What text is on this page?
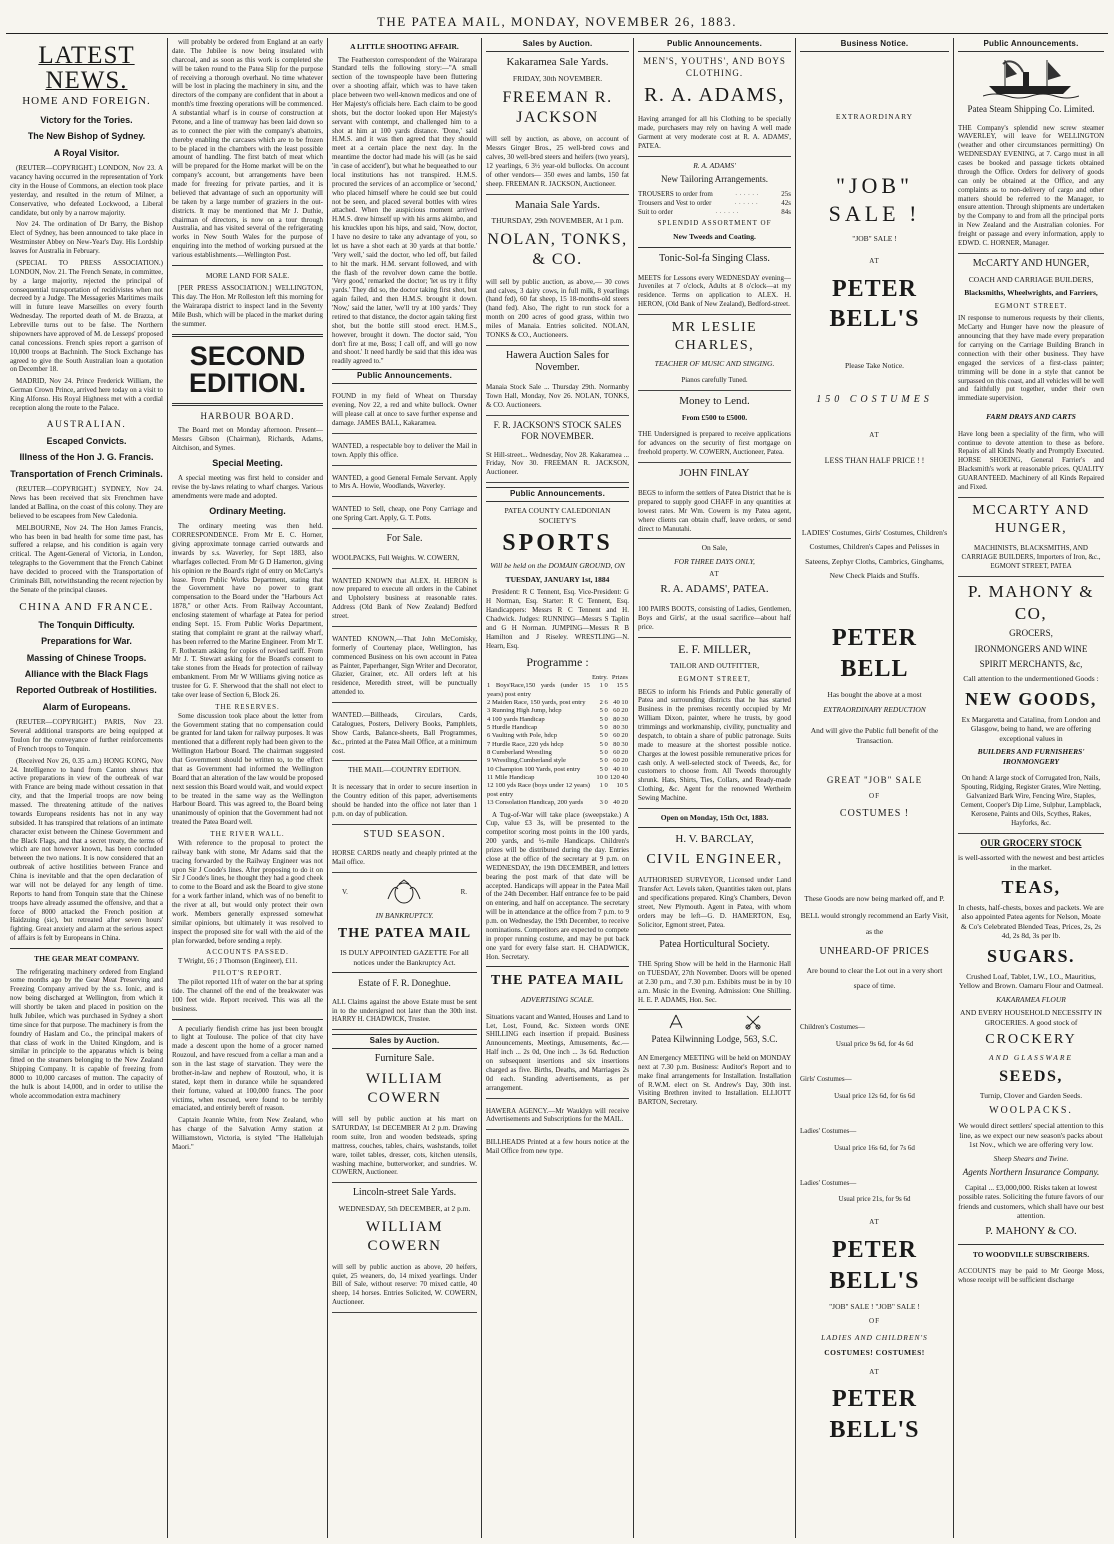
THE PATEA MAIL, MONDAY, NOVEMBER 26, 1883.
LATEST NEWS.
HOME AND FOREIGN.
Victory for the Tories.
The New Bishop of Sydney.
A Royal Visitor.

(REUTER—COPYRIGHT.) LONDON, Nov 23. A vacancy having occurred in the representation of York city in the House of Commons, an election took place yesterday, and resulted in the return of Milner, a Conservative, who defeated Lockwood, a Liberal candidate, but only by a narrow majority.

Nov 24. The ordination of Dr Barry, the Bishop Elect of Sydney, has been announced to take place in Westminster Abbey on New-Year's Day. His Lordship leaves for Australia in February.

(SPECIAL TO PRESS ASSOCIATION.) LONDON, Nov. 21. The French Senate, in committee, by a large majority, rejected the principal of consequential transportation of recidivistes when not decreed by a Judge. The Messageries Maritimes mails will in future leave Marseilles on every fourth Wednesday. The reported death of M. de Brazza, at Lebreville turns out to be false. The Northern shipowners have approved of M. de Lesseps' proposed canal concessions. French spies report a garrison of 10,000 troops at Bachninh. The Stock Exchange has agreed to give the South Australian loan a quotation on December 18.

MADRID, Nov 24. Prince Frederick William, the German Crown Prince, arrived here today on a visit to King Alfonso. His Royal Highness met with a cordial reception along the route to the Palace.

AUSTRALIAN.
Escaped Convicts.
Illness of the Hon J. G. Francis.
Transportation of French Criminals.

(REUTER—COPYRIGHT.) SYDNEY, Nov 24. News has been received that six Frenchmen have landed at Ballina, on the coast of this colony. They are believed to be escapees from New Caledonia.

MELBOURNE, Nov 24. The Hon James Francis, who has been in bad health for some time past, has suffered a relapse, and his condition is again very critical. The Agent-General of Victoria, in London, telegraphs to the Government that the French Cabinet have decided to proceed with the Transportation of Criminals Bill, notwithstanding the recent rejection by the Senate of the principal clauses.

CHINA AND FRANCE.
The Tonquin Difficulty.
Preparations for War.
Massing of Chinese Troops.
Alliance with the Black Flags
Reported Outbreak of Hostilities.
Alarm of Europeans.

(REUTER—COPYRIGHT.) PARIS, Nov 23. Several additional transports are being equipped at Toulon for the conveyance of further reinforcements of French troops to Tonquin.

(Received Nov 26, 0.35 a.m.) HONG KONG, Nov 24. Intelligence to hand from Canton shows that active preparations in view of the outbreak of war with France are being made without cessation in that city, and that the Imperial troops are now being massed. The threatening attitude of the natives towards Europeans residents has not in any way subsided. It has transpired that relations of an intimate character exist between the Chinese Government and the Black Flags, and that a secret treaty, the terms of which are not however known, has been concluded between the two nations. It is now considered that an outbreak of active hostilities between France and China is inevitable and that the open declaration of war will not be delayed for any length of time. Reports to hand from Tonquin state that the Chinese troops have already assumed the offensive, and that a force of 8000 attacked the French position at Haidzuing (sic), but retreated after seven hours' fighting. Great anxiety and alarm at the serious aspect of affairs is felt by Europeans in China.

THE GEAR MEAT COMPANY.

The refrigerating machinery ordered from England some months ago by the Gear Meat Preserving and Freezing Company arrived by the s.s. Ionic, and is now being discharged at Wellington, from which it will shortly be taken and placed in position on the hulk Jubilee, which was purchased in Sydney a short time since for that purpose. The machinery is from the foundry of Haslam and Co., the principal makers of that class of work in the United Kingdom, and is similar in principle to the apparatus which is being fitted on the steamers belonging to the New Zealand Shipping Company. It is capable of freezing from 8000 to 10,000 carcases of mutton. The capacity of the hulk is about 14,000, and in order to utilise the whole accommodation extra machinery

will probably be ordered from England at an early date. The Jubilee is now being insulated with charcoal, and as soon as this work is completed she will be taken round to the Patea Slip for the purpose of receiving a thorough overhaul. No time whatever will be lost in placing the machinery in situ, and the directors of the company are confident that in about a month's time freezing operations will be commenced. A substantial wharf is in course of construction at Petone, and a line of tramway has been laid down so as to connect the pier with the company's abattoirs, thereby enabling the carcases which are to be frozen to be placed in the chambers with the least possible amount of handling. The first batch of meat which will be prepared for the Home market will be on the company's account, but arrangements have been made for freezing for private parties, and it is believed that advantage of such an opportunity will be taken by a large number of graziers in the out-districts. It may be mentioned that Mr J. Duthie, chairman of directors, is now on a tour through Australia, and has visited several of the refrigerating works in New South Wales for the purpose of enquiring into the method of working pursued at the various establishments.—Wellington Post.

MORE LAND FOR SALE.

[PER PRESS ASSOCIATION.] WELLINGTON, This day. The Hon. Mr Rolleston left this morning for the Wairarapa district to inspect land in the Seventy Mile Bush, which will be placed in the market during the summer.

SECOND EDITION.
HARBOUR BOARD.

The Board met on Monday afternoon. Present—Messrs Gibson (Chairman), Richards, Adams, Aitchison, and Symes.

Special Meeting.

A special meeting was first held to consider and revise the by-laws relating to wharf charges. Various amendments were made and adopted.

Ordinary Meeting.

The ordinary meeting was then held. CORRESPONDENCE. From Mr E. C. Horner, giving approximate tonnage carried outwards and inwards by s.s. Waverley, for Sept 1883, also wharfages collected. From Mr G D Hamerton, giving his opinion re the Board's right of entry on McCarty's lease. From Public Works Department, stating that the Government have no power to grant compensation to the Board under the "Harbours Act 1878," or other Acts. From Railway Accountant, enclosing statement of wharfage at Patea for period ending Sept. 15. From Public Works Department, stating that complaint re grant at the railway wharf, has been referred to the Marine Engineer. From Mr T. F. Rotheram asking for copies of revised tariff. From Mr J. T. Stewart asking for the Board's consent to take stones from the Heads for protection of railway embankment. From Mr W Williams giving notice as trustee for G. F. Sherwood that the shall not elect to take over lease of Section 6, Block 26.

THE RESERVES.

Some discussion took place about the letter from the Government stating that no compensation could be granted for land taken for railway purposes. It was mentioned that a different reply had been given to the Wellington Harbour Board. The chairman suggested that Government should be written to, to the effect that as Government had informed the Wellington Board that an alteration of the law would be proposed next session this Board would wait, and would expect to be treated in the same way as the Wellington Harbour Board. This was agreed to, the Board being unanimously of opinion that the Government had not treated the Patea Board well.

THE RIVER WALL.

With reference to the proposal to protect the railway bank with stone, Mr Adams said that the tracing forwarded by the Railway Engineer was not upon Sir J Coode's lines. After proposing to do it on Sir J Coode's lines, he thought they had a good cheek to come to the Board and ask the Board to give stone for a work farther inland, which was of no benefit to the river at all, but would only protect their own work. Members generally expressed somewhat similar opinions, but ultimately it was resolved to inspect the proposed site for wall with the aid of the plan forwarded, before sending a reply.

ACCOUNTS PASSED.

T Wright, £6 ; J Thomson (Engineer), £11.

PILOT'S REPORT.

The pilot reported 11ft of water on the bar at spring tide. The channel off the end of the breakwater was 100 feet wide. Report received. This was all the business.

A peculiarly fiendish crime has just been brought to light at Toulouse. The police of that city have made a descent upon the home of a grocer named Rouzoul, and have rescued from a cellar a man and a son in the last stage of starvation. They were the brother-in-law and nephew of Rouzoul, who, it is stated, kept them in durance while he squandered their fortune, valued at 100,000 francs. The poor victims, when rescued, were found to be terribly emaciated, and entirely bereft of reason.

Captain Jeannie White, from New Zealand, who has charge of the Salvation Army station at Williamstown, Victoria, is styled "The Hallelujah Maori."

A LITTLE SHOOTING AFFAIR.

The Featherston correspondent of the Wairarapa Standard tells the following story:—"A small section of the townspeople have been fluttering over a shooting affair, which was to have taken place between two well-known medicos and one of Her Majesty's officials here. Each claim to be good shots, but the doctor looked upon Her Majesty's servant with contempt, and challenged him to a shot at him at 100 yards distance. 'Done,' said H.M.S. and it was then agreed that they should meet at a certain place the next day. In the meantime the doctor had made his will (as he said 'in case of accident'), but what he bequeathed to our local institutions has not transpired. H.M.S. procured the services of an accomplice or 'second,' who placed himself where he could see but could not be seen, and placed several bottles with wires attached. When the auspicious moment arrived H.M.S. drew himself up with his arms akimbo, and his knuckles upon his hips, and said, 'Now, doctor, I have no desire to take any advantage of you, so let us have a shot each at 30 yards at that bottle.' 'Very well,' said the doctor, who led off, but failed to hit the mark. H.M. servant followed, and with the flash of the revolver down came the bottle. 'Very good,' remarked the doctor; 'let us try it fifty yards.' They did so, the doctor taking first shot, but again failed, and then H.M.S. brought it down. 'Now,' said the latter, 'we'll try at 100 yards.' They retired to that distance, the doctor again taking first shot, but the bottle still stood erect. H.M.S., however, brought it down. The doctor said, 'You don't fire at me, Boss; I call off, and will go now and shoot.' It need hardly be said that this idea was readily agreed to."

Public Announcements.
FOUND in my field of Wheat on Thursday evening, Nov 22, a red and white bullock. Owner will please call at once to save further expense and damage. JAMES BALL, Kakaramea.
WANTED, a respectable boy to deliver the Mail in town. Apply this office.
WANTED, a good General Female Servant. Apply to Mrs A. Howie, Woodlands, Waverley.
WANTED to Sell, cheap, one Pony Carriage and one Spring Cart. Apply, G. T. Potts.
For Sale.
WOOLPACKS, Full Weights. W. COWERN,
WANTED KNOWN that ALEX. H. HERON is now prepared to execute all orders in the Cabinet and Upholstery business at reasonable rates. Address (Old Bank of New Zealand) Bedford street.
WANTED KNOWN,—That John McComisky, formerly of Courtenay place, Wellington, has commenced Business on his own account in Patea as Painter, Paperhanger, Sign Writer and Decorator, Glazier, Grainer, etc. All orders left at his residence, Meredith street, will be punctually attended to.
WANTED.—Billheads, Circulars, Cards, Catalogues, Posters, Delivery Books, Pamphlets, Show Cards, Balance-sheets, Ball Programmes, &c., printed at the Patea Mail Office, at a minimum cost.
THE MAIL—COUNTRY EDITION.
It is necessary that in order to secure insertion in the Country edition of this paper, advertisements should be handed into the office not later than 1 p.m. on day of publication.
STUD SEASON.
HORSE CARDS neatly and cheaply printed at the Mail office.
V.	R.
IN BANKRUPTCY.
THE PATEA MAIL
IS DULY APPOINTED GAZETTE For all notices under the Bankruptcy Act.
Estate of F. R. Doneghue.
ALL Claims against the above Estate must be sent in to the undersigned not later than the 30th inst. HARRY H. CHADWICK, Trustee.
Sales by Auction.
Furniture Sale.
WILLIAM COWERN
will sell by public auction at his mart on SATURDAY, 1st DECEMBER At 2 p.m. Drawing room suite, Iron and wooden bedsteads, spring mattress, couches, tables, chairs, washstands, toilet ware, toilet tables, dresser, cots, kitchen utensils, washing machine, butterworker, and sundries. W. COWERN, Auctioneer.
Lincoln-street Sale Yards.
WEDNESDAY, 5th DECEMBER, at 2 p.m.
WILLIAM COWERN
will sell by public auction as above, 20 heifers, quiet, 25 weaners, do, 14 mixed yearlings. Under Bill of Sale, without reserve: 70 mixed cattle, 40 sheep, 14 horses. Entries Solicited, W. COWERN, Auctioneer.
Sales by Auction.
Kakaramea Sale Yards.
FRIDAY, 30th NOVEMBER.
FREEMAN R. JACKSON
will sell by auction, as above, on account of Messrs Ginger Bros., 25 well-bred cows and calves, 30 well-bred steers and heifers (two years), 12 yearlings, 6 3½ year-old bullocks. On account of other vendors— 350 ewes and lambs, 150 fat sheep. FREEMAN R. JACKSON, Auctioneer.
Manaia Sale Yards.
THURSDAY, 29th NOVEMBER, At 1 p.m.
NOLAN, TONKS, & CO.
will sell by public auction, as above,— 30 cows and calves, 3 dairy cows, in full milk, 8 yearlings (hand fed), 60 fat sheep, 15 18-months-old steers (hand fed). Also, The right to run stock for a month on 200 acres of good grass, within two miles of Manaia. Entries solicited. NOLAN, TONKS & CO., Auctioneers.
Hawera Auction Sales for November.
Manaia Stock Sale ... Thursday 29th. Normanby Town Hall, Monday, Nov 26. NOLAN, TONKS, & CO. Auctioneers.
F. R. JACKSON'S STOCK SALES FOR NOVEMBER.
St Hill-street... Wednesday, Nov 28. Kakaramea ... Friday, Nov 30. FREEMAN R. JACKSON, Auctioneer.
Public Announcements.
PATEA COUNTY CALEDONIAN SOCIETY'S
SPORTS
Will be held on the DOMAIN GROUND, ON
TUESDAY, JANUARY 1st, 1884

President: R C Tennent, Esq. Vice-President: G H Norman, Esq. Starter: R C Tennent, Esq. Handicappers: Messrs R C Tennent and H. Chadwick. Judges: RUNNING—Messrs S Taplin and G H Norman. JUMPING—Messrs R B Hamilton and J Riseley. WRESTLING—N. Hearn, Esq.

Programme :
	Entry.	Prizes
1 Boys'Race,150 yards (under 15 years) post entry	1 0	15 5
2 Maiden Race, 150 yards, post entry	2 6	40 10
3 Running High Jump, hdcp	5 0	60 20
4 100 yards Handicap	5 0	80 30
5 Hurdle Handicap	5 0	80 30
6 Vaulting with Pole, hdcp	5 0	60 20
7 Hurdle Race, 220 yds hdcp	5 0	80 30
8 Cumberland Wrestling	5 0	60 20
9 Wrestling,Cumberland style	5 0	60 20
10 Champion 100 Yards, post entry	5 0	40 10
11 Mile Handicap	10 0	120 40
12 100 yds Race (boys under 12 years) post entry	1 0	10 5
13 Consolation Handicap, 200 yards	3 0	40 20

A Tug-of-War will take place (sweepstake.) A Cup, value £3 3s, will be presented to the competitor scoring most points in the 100 yards, 200 yards, and ½-mile Handicaps. Children's prizes will be distributed during the day. Entries close at the office of the secretary at 9 p.m. on WEDNESDAY, the 19th DECEMBER, and letters bearing the post mark of that date will be accepted. Handicaps will appear in the Patea Mail of the 24th December. Half entrance fee to be paid on entering, and half on acceptance. The secretary will be in attendance at the office from 7 p.m. to 9 p.m. on Wednesday, the 19th December, to receive nominations. Competitors are expected to compete in proper running costume, and may be put back one yard for every false start. H. CHADWICK, Hon. Secretary.

THE PATEA MAIL
ADVERTISING SCALE.
Situations vacant and Wanted, Houses and Land to Let, Lost, Found, &c. Sixteen words ONE SHILLING each insertion if prepaid. Business Announcements, Meetings, Amusements, &c.— Half inch ... 2s 0d, One inch ... 3s 6d. Reduction on subsequent insertions and six insertions charged as five. Births, Deaths, and Marriages 2s 0d each. Standing advertisements, as per arrangement.
HAWERA AGENCY.—Mr Wauklyn will receive Advertisements and Subscriptions for the MAIL.
BILLHEADS Printed at a few hours notice at the Mail Office from new type.
Public Announcements.
MEN'S, YOUTHS', AND BOYS CLOTHING.
R. A. ADAMS,
Having arranged for all his Clothing to be specially made, purchasers may rely on having A well made Garment at very moderate cost at R. A. ADAMS', PATEA.
R. A. ADAMS'
New Tailoring Arrangements.
TROUSERS to order from	. . . . . .	25s
Trousers and Vest to order	. . . . . .	42s
Suit to order	. . . . . .	84s
SPLENDID ASSORTMENT OF
New Tweeds and Coating.
Tonic-Sol-fa Singing Class.
MEETS for Lessons every WEDNESDAY evening—Juveniles at 7 o'clock, Adults at 8 o'clock—at my residence. Terms on application to ALEX. H. HERON, (Old Bank of New Zealand), Bedford-street.
MR LESLIE CHARLES,
TEACHER OF MUSIC AND SINGING.
Pianos carefully Tuned.
Money to Lend.
From £500 to £5000.
THE Undersigned is prepared to receive applications for advances on the security of first mortgage on freehold property. W. COWERN, Auctioneer, Patea.
JOHN FINLAY
BEGS to inform the settlers of Patea District that he is prepared to supply good CHAFF in any quantities at lowest rates. Mr Wm. Cowern is my Patea agent, where clients can obtain chaff, leave orders, or send direct to Manutahi.
On Sale,
FOR THREE DAYS ONLY,
AT
R. A. ADAMS', PATEA.
100 PAIRS BOOTS, consisting of Ladies, Gentlemen, Boys and Girls', at the usual sacrifice—about half price.
E. F. MILLER,
TAILOR AND OUTFITTER,
EGMONT STREET,
BEGS to inform his Friends and Public generally of Patea and surrounding districts that he has started Business in the premises recently occupied by Mr William Dixon, painter, where he trusts, by good trimmings and workmanship, civility, punctuality and despatch, to obtain a share of public patronage. Suits made to measure at the shortest possible notice. Charges at the lowest possible remunerative prices for cash only. A well-selected stock of Tweeds, &c, for customers to choose from. All Tweeds thoroughly shrunk. Hats, Shirts, Ties, Collars, and Ready-made Clothing, &c. Agent for the renowned Wertheim Sewing Machine.
Open on Monday, 15th Oct, 1883.
H. V. BARCLAY,
CIVIL ENGINEER,
AUTHORISED SURVEYOR, Licensed under Land Transfer Act. Levels taken, Quantities taken out, plans and specifications prepared. King's Chambers, Devon street, New Plymouth. Agent in Patea, with whom orders may be left—G. D. HAMERTON, Esq, Solicitor, Egmont street, Patea.
Patea Horticultural Society.
THE Spring Show will be held in the Harmonic Hall on TUESDAY, 27th November. Doors will be opened at 2.30 p.m., and 7.30 p.m. Exhibits must be in by 10 a.m. Music in the Evening. Admission: One Shilling. H. E. P. ADAMS, Hon. Sec.
Patea Kilwinning Lodge, 563, S.C.
AN Emergency MEETING will be held on MONDAY next at 7.30 p.m. Business: Auditor's Report and to make final arrangements for Installation. Installation of R.W.M. elect on St. Andrew's Day, 30th inst. Visiting Brethren invited to Installation. ELLIOTT BARTON, Secretary.
Business Notice.
EXTRAORDINARY
"JOB" SALE !
"JOB" SALE !
AT
PETER BELL'S
Please Take Notice.
150 COSTUMES
AT
LESS THAN HALF PRICE ! !
LADIES' Costumes, Girls' Costumes, Children's Costumes, Children's Capes and Pelisses in Sateens, Zephyr Cloths, Cambrics, Ginghams, New Check Plaids and Stuffs.
PETER BELL
Has bought the above at a most
EXTRAORDINARY REDUCTION
And will give the Public full benefit of the Transaction.
GREAT "JOB" SALE
OF
COSTUMES !
These Goods are now being marked off, and P. BELL would strongly recommend an Early Visit, as the
UNHEARD-OF PRICES
Are bound to clear the Lot out in a very short space of time.
Children's Costumes—
Usual price 9s 6d, for 4s 6d
Girls' Costumes—
Usual price 12s 6d, for 6s 6d
Ladies' Costumes—
Usual price 16s 6d, for 7s 6d
Ladies' Costumes—
Usual price 21s, for 9s 6d
AT
PETER BELL'S
"JOB" SALE ! "JOB" SALE !
OF
LADIES AND CHILDREN'S
COSTUMES! COSTUMES!
AT
PETER BELL'S
Public Announcements.
Patea Steam Shipping Co. Limited.
THE Company's splendid new screw steamer WAVERLEY, will leave for WELLINGTON (weather and other circumstances permitting) On WEDNESDAY EVENING, at 7. Cargo must in all cases be booked and passage tickets obtained through the Office. Orders for delivery of goods can only be obtained at the Office, and any complaints as to non-delivery of cargo and other matters should be referred to the Manager, to ensure attention. Through shipments are undertaken by the Company to and from all the principal ports in New Zealand and the Australian colonies. For freight or passage and every information, apply to EDWD. C. HORNER, Manager.
McCARTY AND HUNGER,
COACH AND CARRIAGE BUILDERS,
Blacksmiths, Wheelwrights, and Farriers,
EGMONT STREET.
IN response to numerous requests by their clients, McCarty and Hunger have now the pleasure of announcing that they have made every preparation for carrying on the Carriage Building Branch in connection with their other business. They have engaged the services of a first-class painter; trimming will be done in a style that cannot be surpassed on this coast, and all vehicles will be well and faithfully put together, under their own immediate supervision.
FARM DRAYS AND CARTS
Have long been a speciality of the firm, who will continue to devote attention to these as before. Repairs of all Kinds Neatly and Promptly Executed. HORSE SHOEING, General Farrier's and Blacksmith's work at reasonable prices. QUALITY GUARANTEED. Machinery of all Kinds Repaired and Fixed.
MCCARTY AND HUNGER,
MACHINISTS, BLACKSMITHS, AND CARRIAGE BUILDERS, Importers of Iron, &c., EGMONT STREET, PATEA
P. MAHONY & CO,
GROCERS,
IRONMONGERS AND WINE
SPIRIT MERCHANTS, &c,
Call attention to the undermentioned Goods :
NEW GOODS,
Ex Margaretta and Catalina, from London and Glasgow, being to hand, we are offering exceptional values in
BUILDERS AND FURNISHERS' IRONMONGERY
On hand: A large stock of Corrugated Iron, Nails, Spouting, Ridging, Register Grates, Wire Netting, Galvanized Bark Wire, Fencing Wire, Staples, Cement, Cooper's Dip Lime, Sulphur, Lampblack, Kerosene, Paints and Oils, Scythes, Rakes, Hayforks, &c.
OUR GROCERY STOCK
is well-assorted with the newest and best articles in the market.
TEAS,
In chests, half-chests, boxes and packets. We are also appointed Patea agents for Nelson, Moate & Co's Celebrated Blended Teas, Prices, 2s, 2s 4d, 2s 8d, 3s per lb.
SUGARS.
Crushed Loaf, Tablet, I.W., I.O., Mauritius, Yellow and Brown. Oamaru Flour and Oatmeal.
KAKARAMEA FLOUR
AND EVERY HOUSEHOLD NECESSITY IN GROCERIES. A good stock of
CROCKERY
AND GLASSWARE
SEEDS,
Turnip, Clover and Garden Seeds.
WOOLPACKS.
We would direct settlers' special attention to this line, as we expect our new season's packs about 1st Nov., which we are offering very low.
Sheep Shears and Twine.
Agents Northern Insurance Company.
Capital ... £3,000,000. Risks taken at lowest possible rates. Soliciting the future favors of our friends and customers, which shall have our best attention.
P. MAHONY & CO.
TO WOODVILLE SUBSCRIBERS.
ACCOUNTS may be paid to Mr George Moss, whose receipt will be sufficient discharge
